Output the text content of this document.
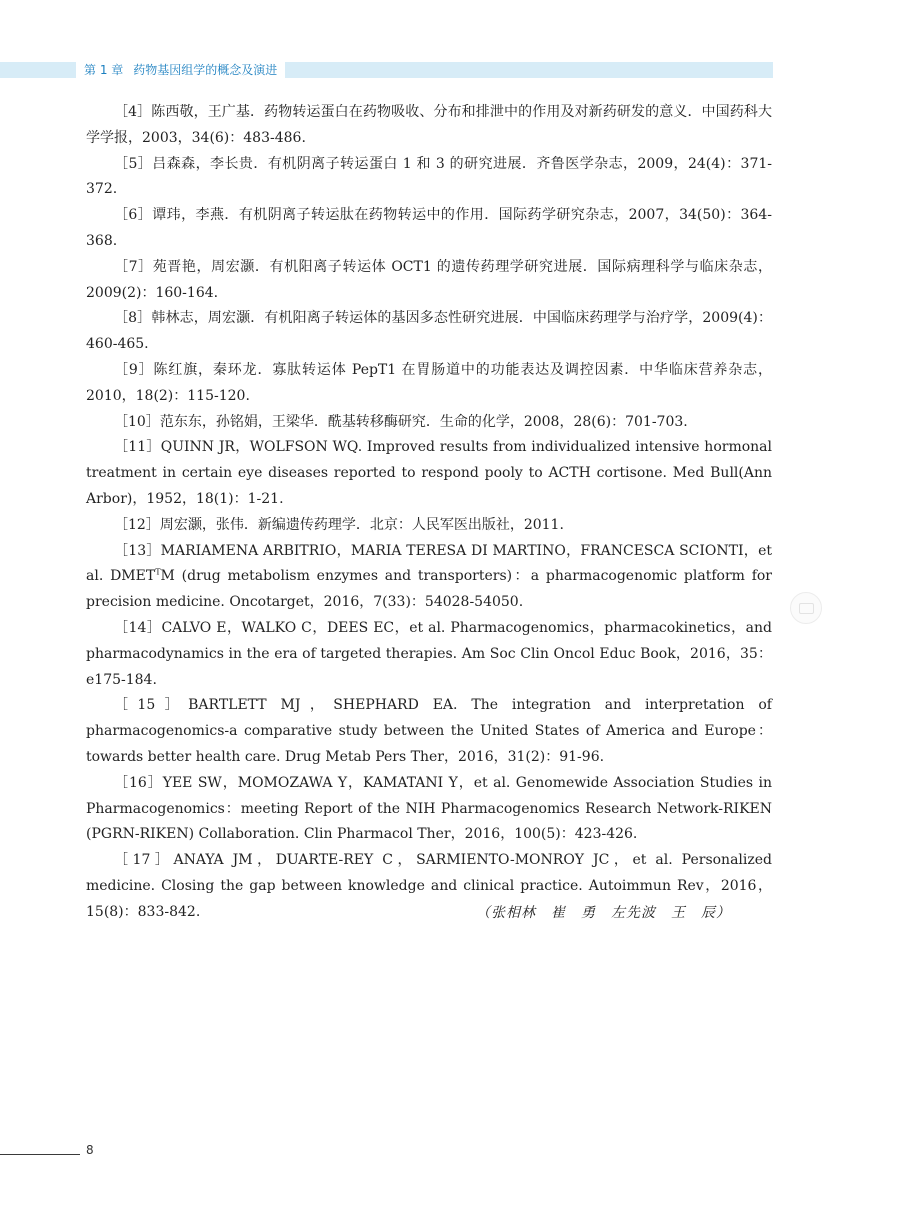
第 1 章 药物基因组学的概念及演进

［4］陈西敬，王广基．药物转运蛋白在药物吸收、分布和排泄中的作用及对新药研发的意义．中国药科大学学报，2003，34(6)：483-486.

［5］吕森森，李长贵．有机阴离子转运蛋白 1 和 3 的研究进展．齐鲁医学杂志，2009，24(4)：371-372.

［6］谭玮，李燕．有机阴离子转运肽在药物转运中的作用．国际药学研究杂志，2007，34(50)：364-368.

［7］苑晋艳，周宏灏．有机阳离子转运体 OCT1 的遗传药理学研究进展．国际病理科学与临床杂志，2009(2)：160-164.

［8］韩林志，周宏灏．有机阳离子转运体的基因多态性研究进展．中国临床药理学与治疗学，2009(4)：460-465.

［9］陈红旗，秦环龙．寡肽转运体 PepT1 在胃肠道中的功能表达及调控因素．中华临床营养杂志，2010，18(2)：115-120.

［10］范东东，孙铭娟，王梁华．酰基转移酶研究．生命的化学，2008，28(6)：701-703.

［11］QUINN JR，WOLFSON WQ. Improved results from individualized intensive hormonal treatment in certain eye diseases reported to respond pooly to ACTH cortisone. Med Bull(Ann Arbor)，1952，18(1)：1-21.

［12］周宏灏，张伟．新编遗传药理学．北京：人民军医出版社，2011.

［13］MARIAMENA ARBITRIO，MARIA TERESA DI MARTINO，FRANCESCA SCIONTI，et al. $DMET^TM$ (drug metabolism enzymes and transporters)：a pharmacogenomic platform for precision medicine. Oncotarget，2016，7(33)：54028-54050.

［14］CALVO E，WALKO C，DEES EC，et al. Pharmacogenomics，pharmacokinetics，and pharmacodynamics in the era of targeted therapies. Am Soc Clin Oncol Educ Book，2016，35：e175-184.

［15］BARTLETT MJ，SHEPHARD EA. The integration and interpretation of pharmacogenomics-a comparative study between the United States of America and Europe：towards better health care. Drug Metab Pers Ther，2016，31(2)：91-96.

［16］YEE SW，MOMOZAWA Y，KAMATANI Y，et al. Genomewide Association Studies in Pharmacogenomics：meeting Report of the NIH Pharmacogenomics Research Network-RIKEN (PGRN-RIKEN) Collaboration. Clin Pharmacol Ther，2016，100(5)：423-426.

［17］ANAYA JM，DUARTE-REY C，SARMIENTO-MONROY JC，et al. Personalized medicine. Closing the gap between knowledge and clinical practice. Autoimmun Rev，2016，15(8)：833-842.	（张相林　崔　勇　左先波　王　辰）
8
